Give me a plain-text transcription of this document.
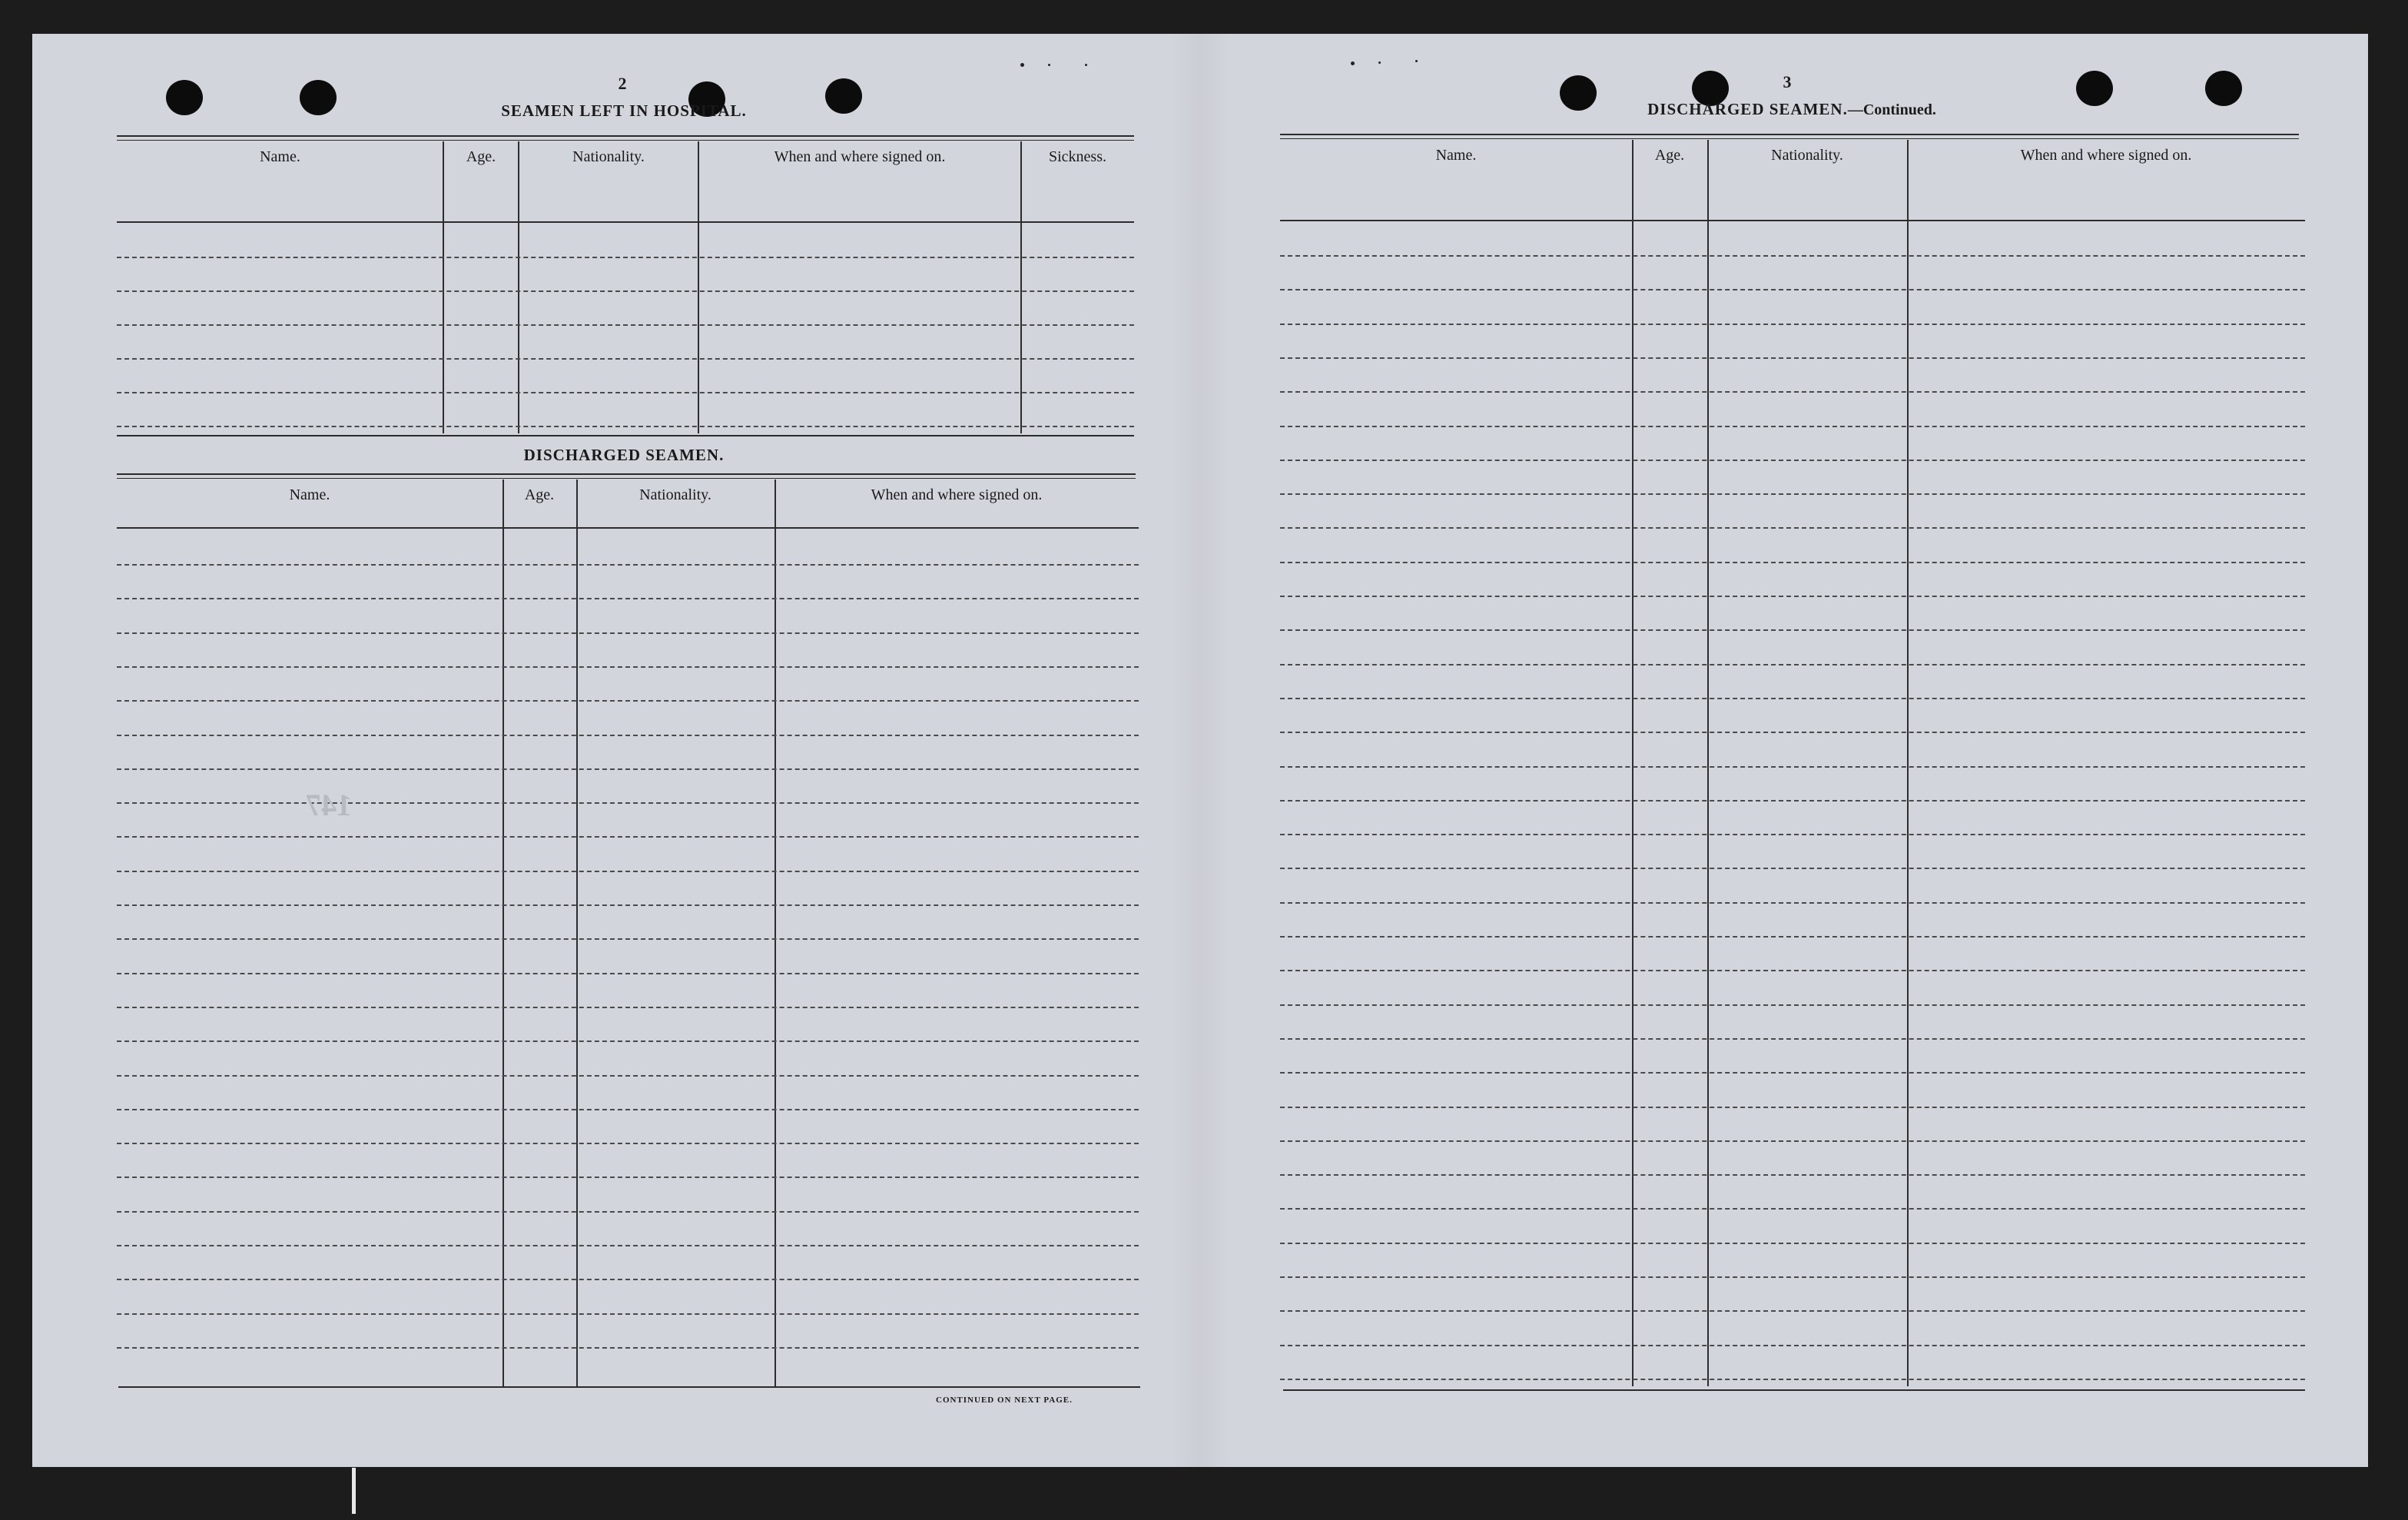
2
SEAMEN LEFT IN HOSPITAL.
Name.	Age.	Nationality.	When and where signed on.	Sickness.
DISCHARGED SEAMEN.
Name.	Age.	Nationality.	When and where signed on.
CONTINUED ON NEXT PAGE.
147
3
DISCHARGED SEAMEN.—Continued.
Name.	Age.	Nationality.	When and where signed on.
